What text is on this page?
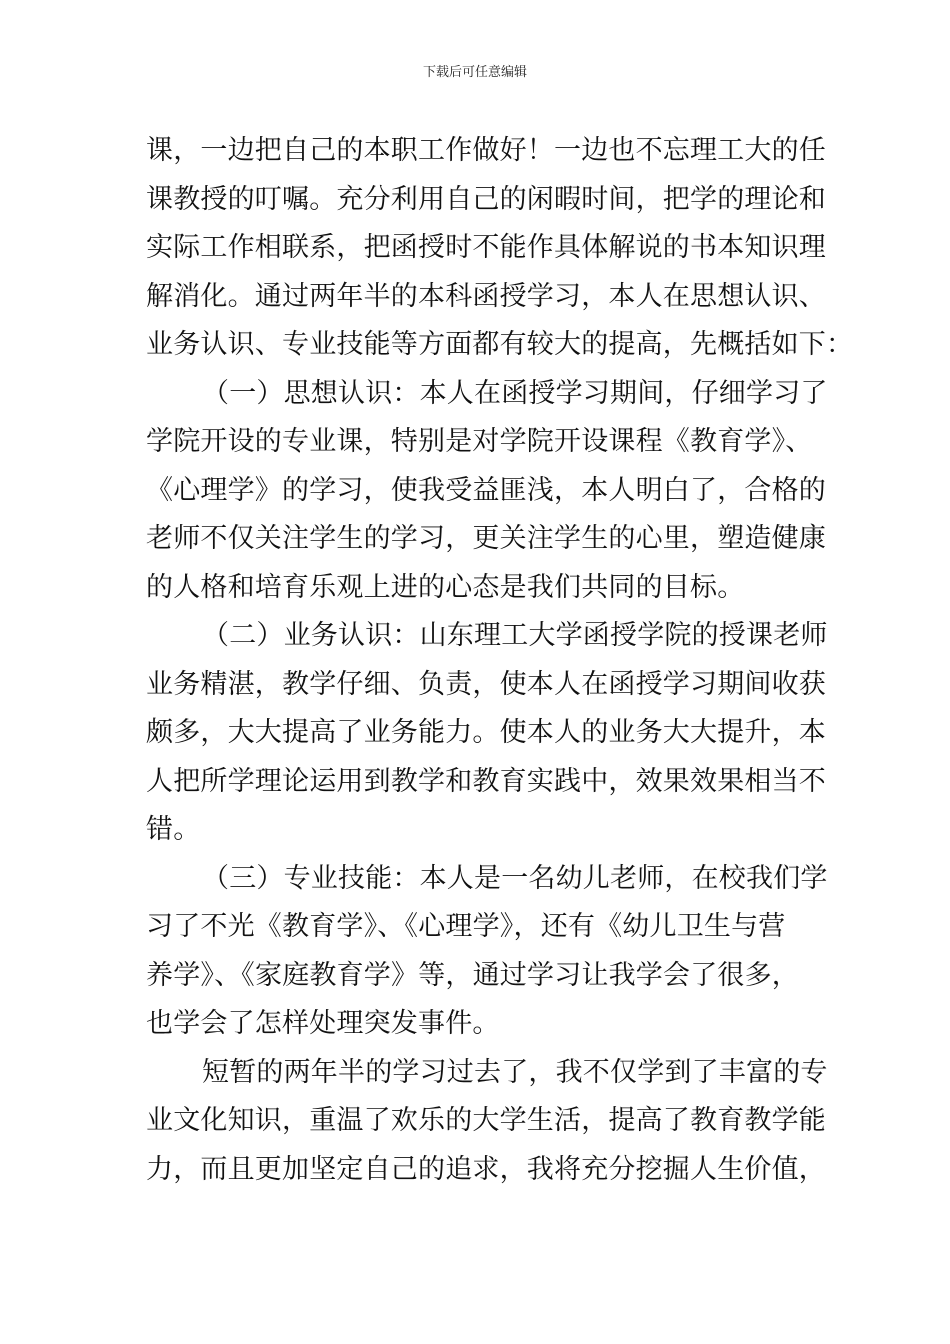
下载后可任意编辑
课，一边把自己的本职工作做好！一边也不忘理工大的任
课教授的叮嘱。充分利用自己的闲暇时间，把学的理论和
实际工作相联系，把函授时不能作具体解说的书本知识理
解消化。通过两年半的本科函授学习，本人在思想认识、
业务认识、专业技能等方面都有较大的提高，先概括如下：
（一）思想认识：本人在函授学习期间，仔细学习了
学院开设的专业课，特别是对学院开设课程《教育学》、
《心理学》的学习，使我受益匪浅，本人明白了，合格的
老师不仅关注学生的学习，更关注学生的心里，塑造健康
的人格和培育乐观上进的心态是我们共同的目标。
（二）业务认识：山东理工大学函授学院的授课老师
业务精湛，教学仔细、负责，使本人在函授学习期间收获
颇多，大大提高了业务能力。使本人的业务大大提升，本
人把所学理论运用到教学和教育实践中，效果效果相当不
错。
（三）专业技能：本人是一名幼儿老师，在校我们学
习了不光《教育学》、《心理学》，还有《幼儿卫生与营
养学》、《家庭教育学》等，通过学习让我学会了很多，
也学会了怎样处理突发事件。
短暂的两年半的学习过去了，我不仅学到了丰富的专
业文化知识，重温了欢乐的大学生活，提高了教育教学能
力，而且更加坚定自己的追求，我将充分挖掘人生价值，
